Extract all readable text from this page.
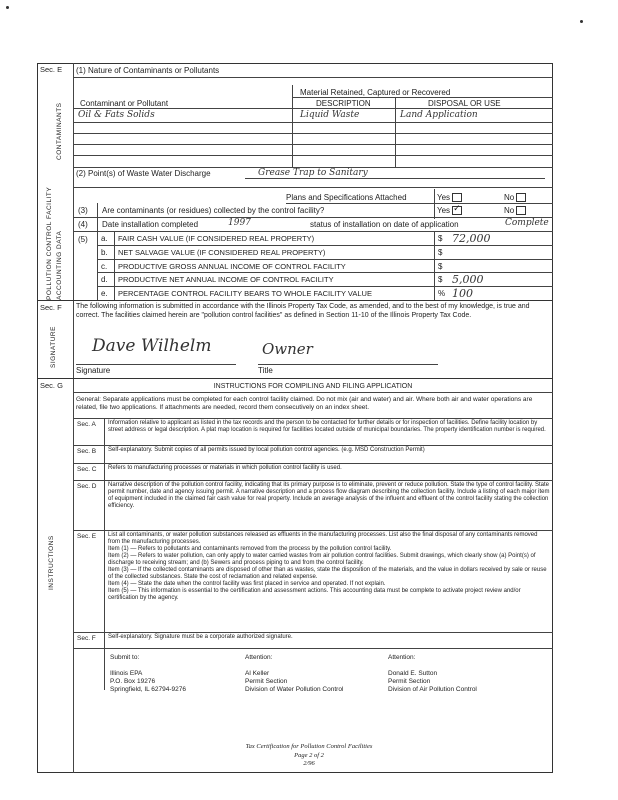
Sec. E
POLLUTION CONTROL FACILITY
CONTAMINANTS
ACCOUNTING DATA
(1) Nature of Contaminants or Pollutants
Material Retained, Captured or Recovered
Contaminant or Pollutant	DESCRIPTION	DISPOSAL OR USE
Oil & Fats Solids	Liquid Waste	Land Application
(2) Point(s) of Waste Water Discharge	Grease Trap to Sanitary
Plans and Specifications Attached	Yes	No
(3) Are contaminants (or residues) collected by the control facility?	Yes✓	No
(4) Date installation completed	1997	status of installation on date of application	Complete
(5) a. FAIR CASH VALUE (IF CONSIDERED REAL PROPERTY)	$ 72,000
b. NET SALVAGE VALUE (IF CONSIDERED REAL PROPERTY)	$
c. PRODUCTIVE GROSS ANNUAL INCOME OF CONTROL FACILITY	$
d. PRODUCTIVE NET ANNUAL INCOME OF CONTROL FACILITY	$ 5,000
e. PERCENTAGE CONTROL FACILITY BEARS TO WHOLE FACILITY VALUE	% 100
Sec. F
SIGNATURE
The following information is submitted in accordance with the Illinois Property Tax Code, as amended, and to the best of my knowledge, is true and correct. The facilities claimed herein are "pollution control facilities" as defined in Section 11-10 of the Illinois Property Tax Code.
Dave Wilhelm	Owner
Signature	Title
Sec. G
INSTRUCTIONS
INSTRUCTIONS FOR COMPILING AND FILING APPLICATION
General: Separate applications must be completed for each control facility claimed. Do not mix (air and water) and air. Where both air and water operations are related, file two applications. If attachments are needed, record them consecutively on an index sheet.
Sec. A Information relative to applicant as listed in the tax records and the person to be contacted for further details or for inspection of facilities. Define facility location by street address or legal description. A plat map location is required for facilities located outside of municipal boundaries. The property identification number is required.
Sec. B Self-explanatory. Submit copies of all permits issued by local pollution control agencies. (e.g. MSD Construction Permit)
Sec. C Refers to manufacturing processes or materials in which pollution control facility is used.
Sec. D Narrative description of the pollution control facility, indicating that its primary purpose is to eliminate, prevent or reduce pollution. State the type of control facility. State permit number, date and agency issuing permit. A narrative description and a process flow diagram describing the collection facility. Include a listing of each major item of equipment included in the claimed fair cash value for real property. Include an average analysis of the influent and effluent of the control facility stating the collection efficiency.
Sec. E List all contaminants, or water pollution substances released as effluents in the manufacturing processes. List also the final disposal of any contaminants removed from the manufacturing processes.
Item (1) — Refers to pollutants and contaminants removed from the process by the pollution control facility.
Item (2) — Refers to water pollution, can only apply to water carried wastes from air pollution control facilities. Submit drawings, which clearly show (a) Point(s) of discharge to receiving stream; and (b) Sewers and process piping to and from the control facility.
Item (3) — If the collected contaminants are disposed of other than as wastes, state the disposition of the materials, and the value in dollars received by sale or reuse of the collected substances. State the cost of reclamation and related expense.
Item (4) — State the date when the control facility was first placed in service and operated. If not explain.
Item (5) — This information is essential to the certification and assessment actions. This accounting data must be complete to activate project review and/or certification by the agency.
Sec. F Self-explanatory. Signature must be a corporate authorized signature.
Submit to:	Attention:	Attention:
Illinois EPA
P.O. Box 19276
Springfield, IL 62794-9276
Al Keller
Permit Section
Division of Water Pollution Control
Donald E. Sutton
Permit Section
Division of Air Pollution Control
Tax Certification for Pollution Control Facilities
Page 2 of 2
2/96
